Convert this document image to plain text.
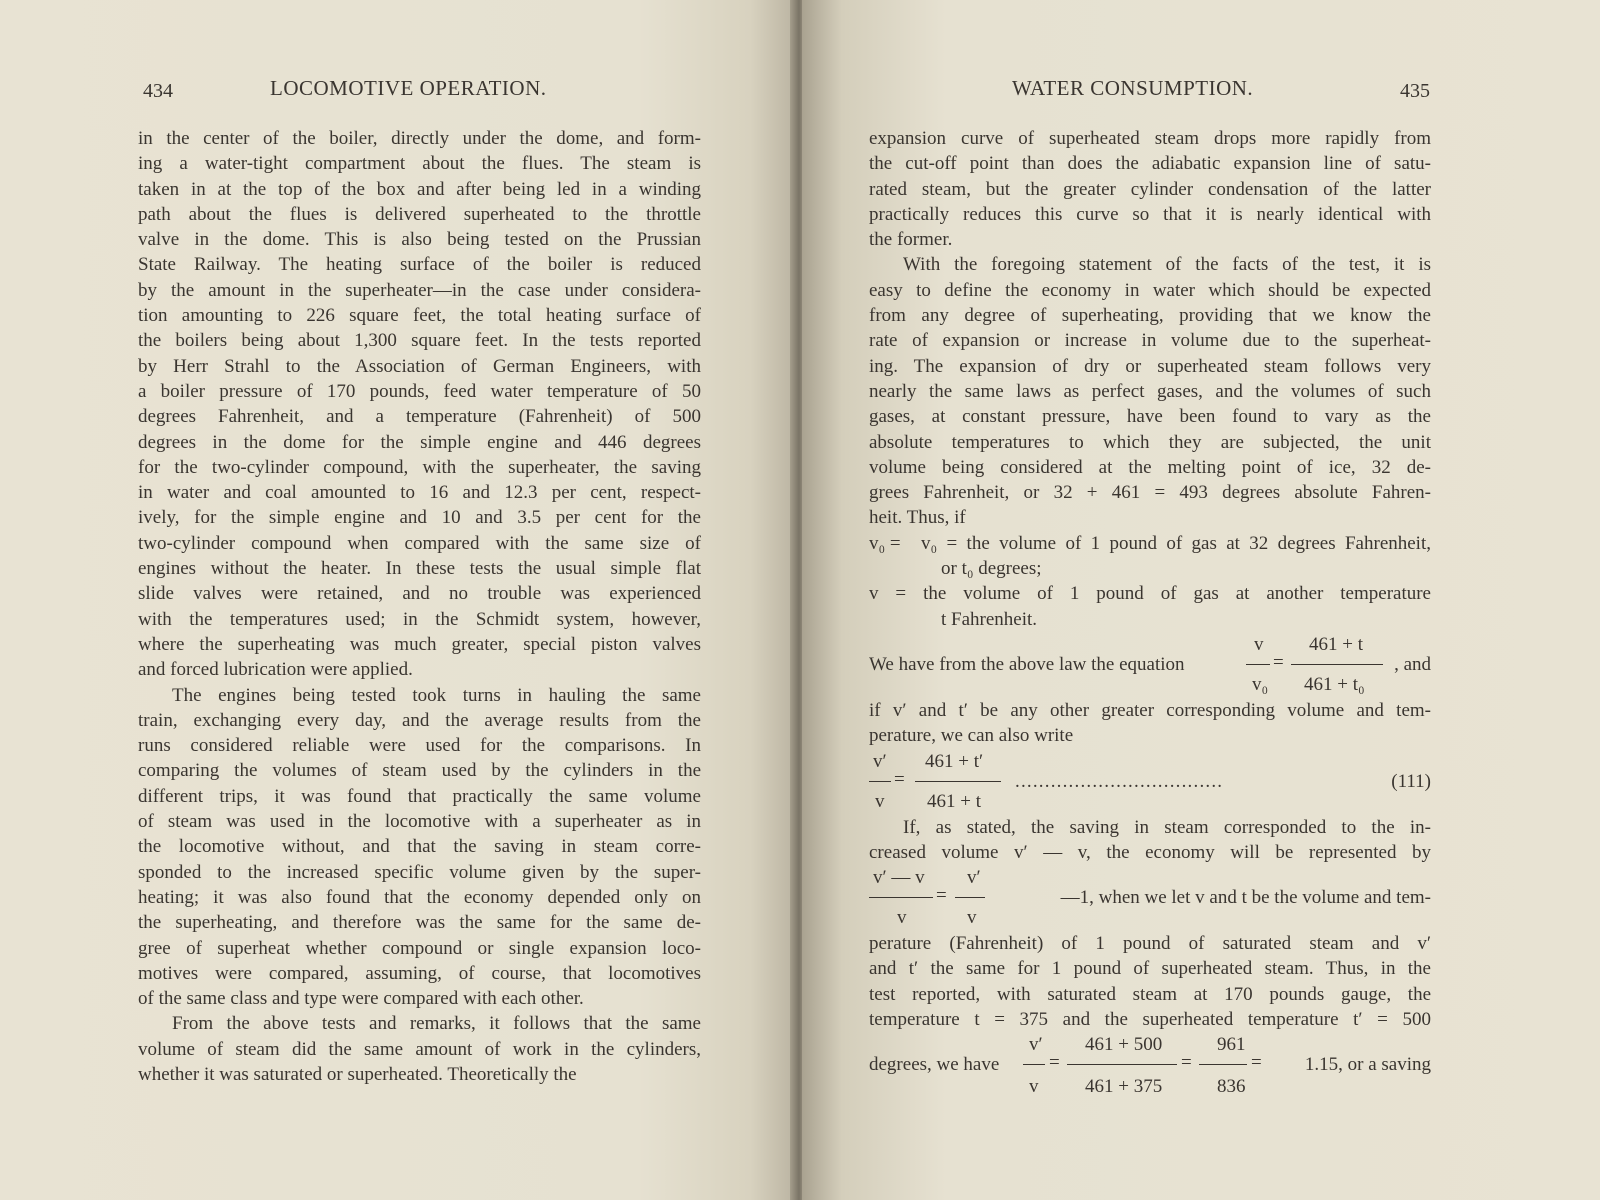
434	LOCOMOTIVE OPERATION.
in the center of the boiler, directly under the dome, and form-
ing a water-tight compartment about the flues. The steam is
taken in at the top of the box and after being led in a winding
path about the flues is delivered superheated to the throttle
valve in the dome. This is also being tested on the Prussian
State Railway. The heating surface of the boiler is reduced
by the amount in the superheater—in the case under considera-
tion amounting to 226 square feet, the total heating surface of
the boilers being about 1,300 square feet. In the tests reported
by Herr Strahl to the Association of German Engineers, with
a boiler pressure of 170 pounds, feed water temperature of 50
degrees Fahrenheit, and a temperature (Fahrenheit) of 500
degrees in the dome for the simple engine and 446 degrees
for the two-cylinder compound, with the superheater, the saving
in water and coal amounted to 16 and 12.3 per cent, respect-
ively, for the simple engine and 10 and 3.5 per cent for the
two-cylinder compound when compared with the same size of
engines without the heater. In these tests the usual simple flat
slide valves were retained, and no trouble was experienced
with the temperatures used; in the Schmidt system, however,
where the superheating was much greater, special piston valves
and forced lubrication were applied.
The engines being tested took turns in hauling the same
train, exchanging every day, and the average results from the
runs considered reliable were used for the comparisons. In
comparing the volumes of steam used by the cylinders in the
different trips, it was found that practically the same volume
of steam was used in the locomotive with a superheater as in
the locomotive without, and that the saving in steam corre-
sponded to the increased specific volume given by the super-
heating; it was also found that the economy depended only on
the superheating, and therefore was the same for the same de-
gree of superheat whether compound or single expansion loco-
motives were compared, assuming, of course, that locomotives
of the same class and type were compared with each other.
From the above tests and remarks, it follows that the same
volume of steam did the same amount of work in the cylinders,
whether it was saturated or superheated. Theoretically the
WATER CONSUMPTION.	435
expansion curve of superheated steam drops more rapidly from
the cut-off point than does the adiabatic expansion line of satu-
rated steam, but the greater cylinder condensation of the latter
practically reduces this curve so that it is nearly identical with
the former.
With the foregoing statement of the facts of the test, it is
easy to define the economy in water which should be expected
from any degree of superheating, providing that we know the
rate of expansion or increase in volume due to the superheat-
ing. The expansion of dry or superheated steam follows very
nearly the same laws as perfect gases, and the volumes of such
gases, at constant pressure, have been found to vary as the
absolute temperatures to which they are subjected, the unit
volume being considered at the melting point of ice, 32 de-
grees Fahrenheit, or 32 + 461 = 493 degrees absolute Fahren-
heit. Thus, if
v₀ = v₀ = the volume of 1 pound of gas at 32 degrees Fahrenheit,
or t₀ degrees;
v = the volume of 1 pound of gas at another temperature
t Fahrenheit.
v 461 + t
We have from the above law the equation	=	, and
v₀ 461 + t₀
if v′ and t′ be any other greater corresponding volume and tem-
perature, we can also write
v′ 461 + t′
=	...................................	(111)
v 461 + t
If, as stated, the saving in steam corresponded to the in-
creased volume v′ — v, the economy will be represented by
v′ — v v′
=	—1, when we let v and t be the volume and tem-
v	v
perature (Fahrenheit) of 1 pound of saturated steam and v′
and t′ the same for 1 pound of superheated steam. Thus, in the
test reported, with saturated steam at 170 pounds gauge, the
temperature t = 375 and the superheated temperature t′ = 500
v′ 461 + 500	961
degrees, we have	=	=	=	1.15, or a saving
v 461 + 375	836
